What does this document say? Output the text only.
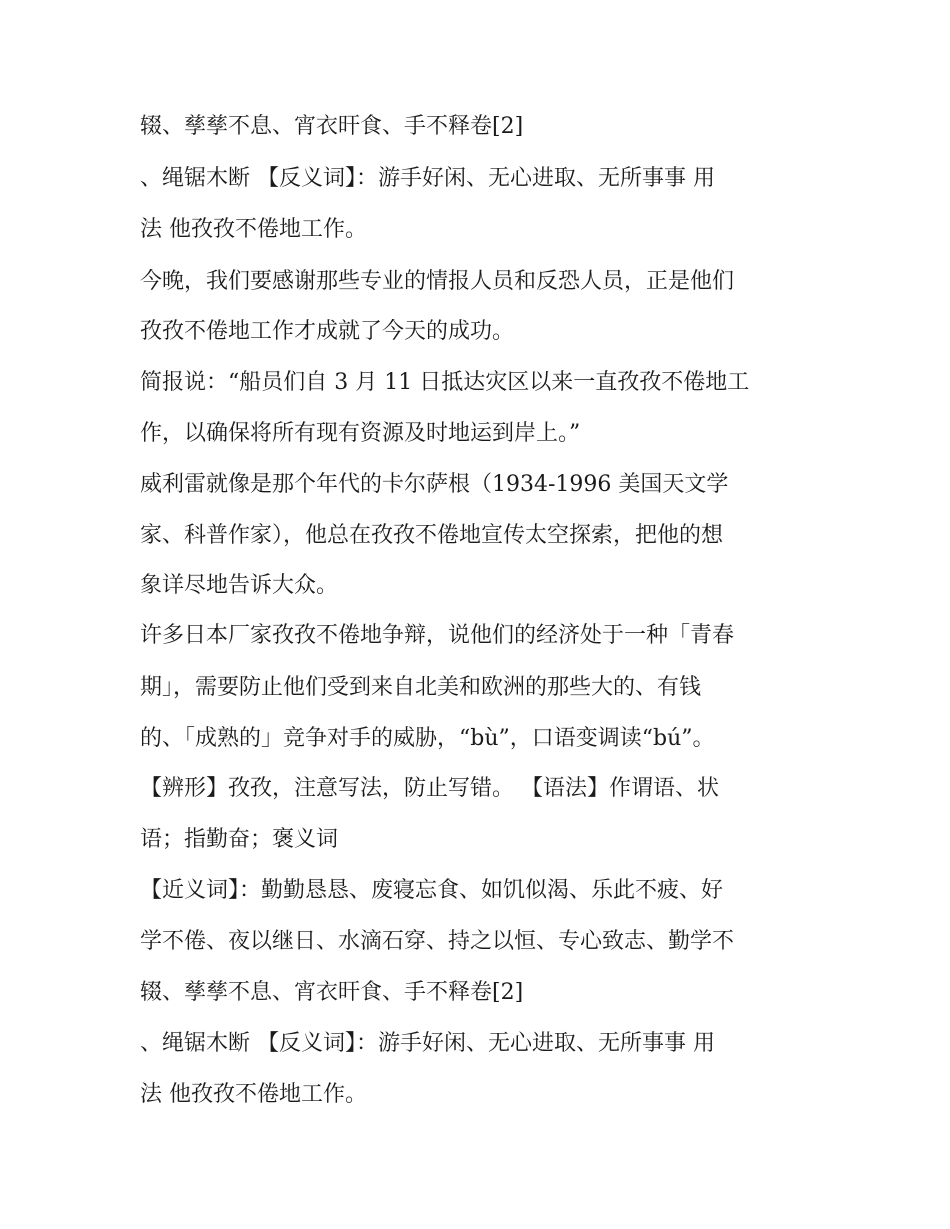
辍、孳孳不息、宵衣旰食、手不释卷[2]

、绳锯木断 【反义词】：游手好闲、无心进取、无所事事 用

法 他孜孜不倦地工作。

今晚，我们要感谢那些专业的情报人员和反恐人员，正是他们

孜孜不倦地工作才成就了今天的成功。

简报说：“船员们自 3 月 11 日抵达灾区以来一直孜孜不倦地工

作，以确保将所有现有资源及时地运到岸上。”

威利雷就像是那个年代的卡尔萨根（1934-1996 美国天文学

家、科普作家），他总在孜孜不倦地宣传太空探索，把他的想

象详尽地告诉大众。

许多日本厂家孜孜不倦地争辩，说他们的经济处于一种「青春

期」，需要防止他们受到来自北美和欧洲的那些大的、有钱

的、「成熟的」竞争对手的威胁，“bù”，口语变调读“bú”。

【辨形】孜孜，注意写法，防止写错。 【语法】作谓语、状

语；指勤奋；褒义词

【近义词】：勤勤恳恳、废寝忘食、如饥似渴、乐此不疲、好

学不倦、夜以继日、水滴石穿、持之以恒、专心致志、勤学不

辍、孳孳不息、宵衣旰食、手不释卷[2]

、绳锯木断 【反义词】：游手好闲、无心进取、无所事事 用

法 他孜孜不倦地工作。
